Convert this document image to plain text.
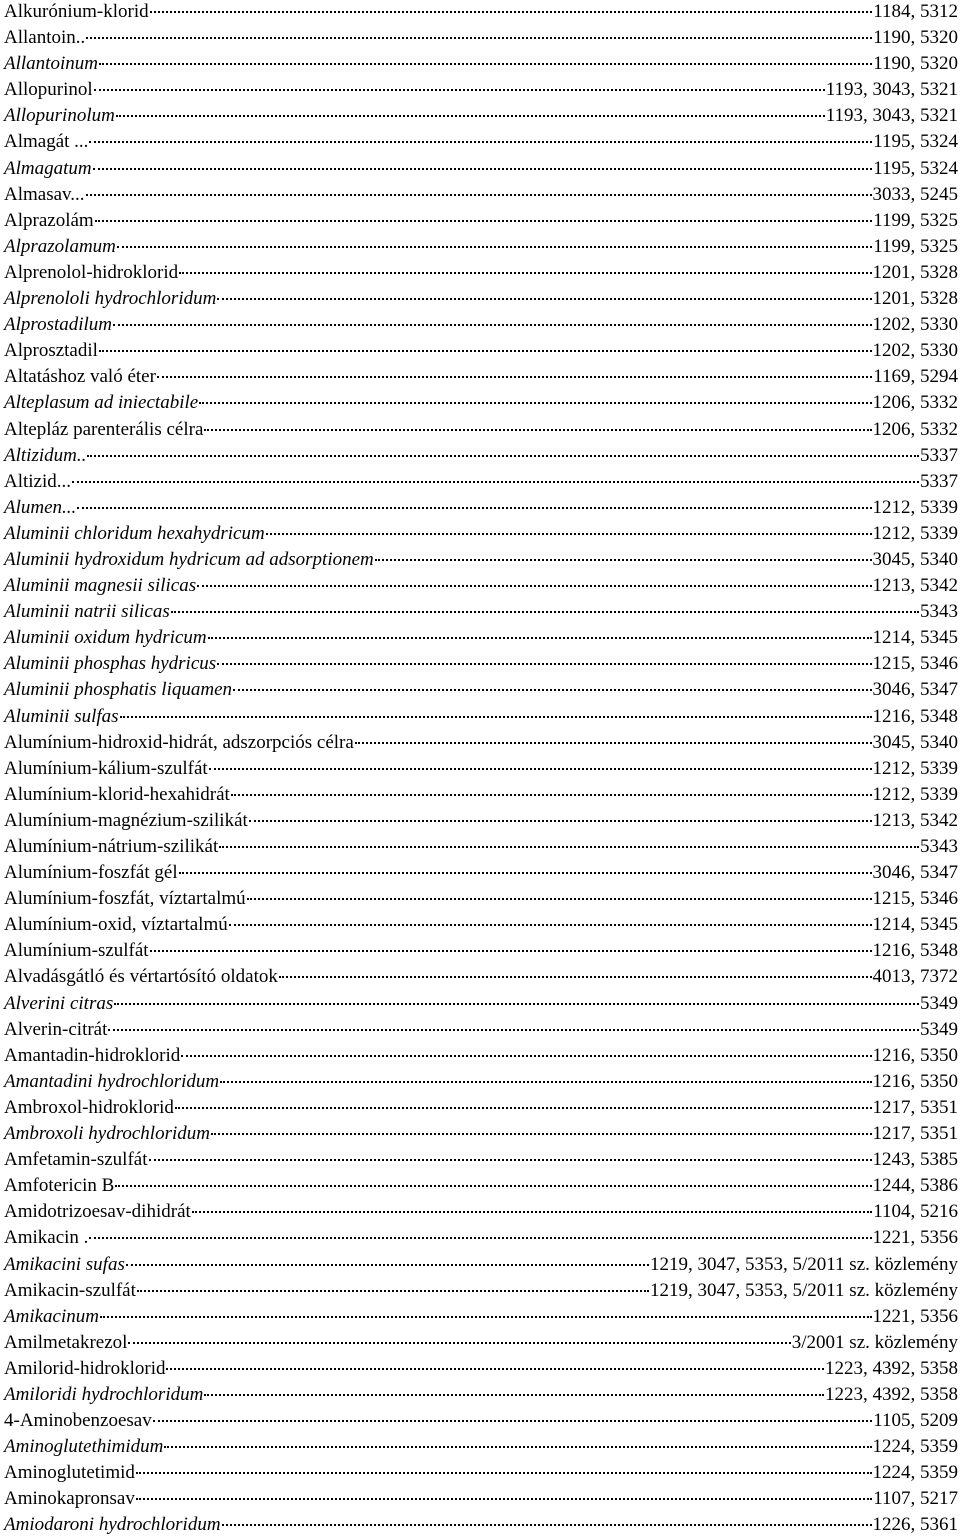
Alkurónium-klorid	1184, 5312
Allantoin..	1190, 5320
Allantoinum	1190, 5320
Allopurinol	1193, 3043, 5321
Allopurinolum	1193, 3043, 5321
Almagát ...	1195, 5324
Almagatum	1195, 5324
Almasav...	3033, 5245
Alprazolám	1199, 5325
Alprazolamum	1199, 5325
Alprenolol-hidroklorid	1201, 5328
Alprenololi hydrochloridum	1201, 5328
Alprostadilum	1202, 5330
Alprosztadil	1202, 5330
Altatáshoz való éter	1169, 5294
Alteplasum ad iniectabile	1206, 5332
Altepláz parenterális célra	1206, 5332
Altizidum..	5337
Altizid...	5337
Alumen...	1212, 5339
Aluminii chloridum hexahydricum	1212, 5339
Aluminii hydroxidum hydricum ad adsorptionem	3045, 5340
Aluminii magnesii silicas	1213, 5342
Aluminii natrii silicas	5343
Aluminii oxidum hydricum	1214, 5345
Aluminii phosphas hydricus	1215, 5346
Aluminii phosphatis liquamen	3046, 5347
Aluminii sulfas	1216, 5348
Alumínium-hidroxid-hidrát, adszorpciós célra	3045, 5340
Alumínium-kálium-szulfát	1212, 5339
Alumínium-klorid-hexahidrát	1212, 5339
Alumínium-magnézium-szilikát	1213, 5342
Alumínium-nátrium-szilikát	5343
Alumínium-foszfát gél	3046, 5347
Alumínium-foszfát, víztartalmú	1215, 5346
Alumínium-oxid, víztartalmú	1214, 5345
Alumínium-szulfát	1216, 5348
Alvadásgátló és vértartósító oldatok	4013, 7372
Alverini citras	5349
Alverin-citrát	5349
Amantadin-hidroklorid	1216, 5350
Amantadini hydrochloridum	1216, 5350
Ambroxol-hidroklorid	1217, 5351
Ambroxoli hydrochloridum	1217, 5351
Amfetamin-szulfát	1243, 5385
Amfotericin B	1244, 5386
Amidotrizoesav-dihidrát	1104, 5216
Amikacin .	1221, 5356
Amikacini sufas	1219, 3047, 5353, 5/2011 sz. közlemény
Amikacin-szulfát	1219, 3047, 5353, 5/2011 sz. közlemény
Amikacinum	1221, 5356
Amilmetakrezol	3/2001 sz. közlemény
Amilorid-hidroklorid	1223, 4392, 5358
Amiloridi hydrochloridum	1223, 4392, 5358
4-Aminobenzoesav	1105, 5209
Aminoglutethimidum	1224, 5359
Aminoglutetimid	1224, 5359
Aminokapronsav	1107, 5217
Amiodaroni hydrochloridum	1226, 5361
